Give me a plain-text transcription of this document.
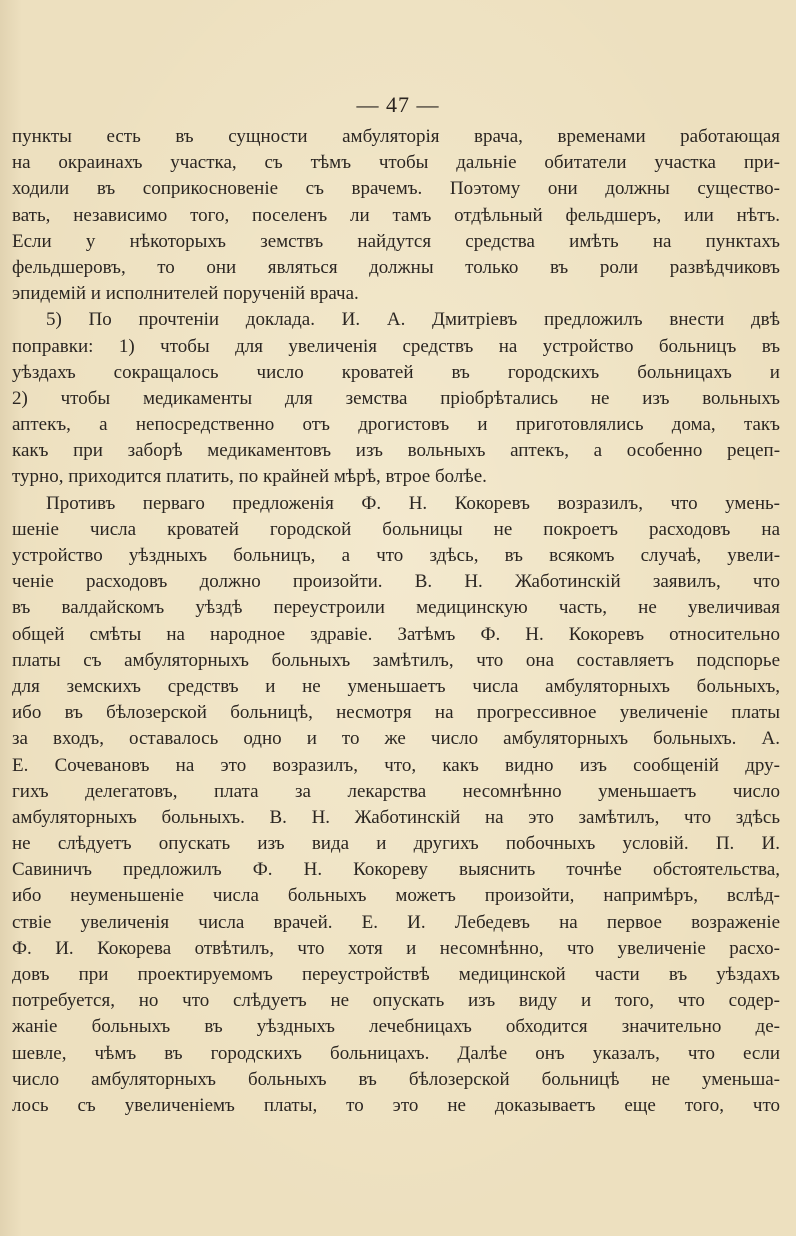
— 47 —
пункты есть въ сущности амбуляторія врача, временами работающая
на окраинахъ участка, съ тѣмъ чтобы дальніе обитатели участка при-
ходили въ соприкосновеніе съ врачемъ. Поэтому они должны существо-
вать, независимо того, поселенъ ли тамъ отдѣльный фельдшеръ, или нѣтъ.
Если у нѣкоторыхъ земствъ найдутся средства имѣть на пунктахъ
фельдшеровъ, то они являться должны только въ роли развѣдчиковъ
эпидемій и исполнителей порученій врача.
5) По прочтеніи доклада. И. А. Дмитріевъ предложилъ внести двѣ
поправки: 1) чтобы для увеличенія средствъ на устройство больницъ въ
уѣздахъ сокращалось число кроватей въ городскихъ больницахъ и
2) чтобы медикаменты для земства пріобрѣтались не изъ вольныхъ
аптекъ, а непосредственно отъ дрогистовъ и приготовлялись дома, такъ
какъ при заборѣ медикаментовъ изъ вольныхъ аптекъ, а особенно рецеп-
турно, приходится платить, по крайней мѣрѣ, втрое болѣе.
Противъ перваго предложенія Ф. Н. Кокоревъ возразилъ, что умень-
шеніе числа кроватей городской больницы не покроетъ расходовъ на
устройство уѣздныхъ больницъ, а что здѣсь, въ всякомъ случаѣ, увели-
ченіе расходовъ должно произойти. В. Н. Жаботинскій заявилъ, что
въ валдайскомъ уѣздѣ переустроили медицинскую часть, не увеличивая
общей смѣты на народное здравіе. Затѣмъ Ф. Н. Кокоревъ относительно
платы съ амбуляторныхъ больныхъ замѣтилъ, что она составляетъ подспорье
для земскихъ средствъ и не уменьшаетъ числа амбуляторныхъ больныхъ,
ибо въ бѣлозерской больницѣ, несмотря на прогрессивное увеличеніе платы
за входъ, оставалось одно и то же число амбуляторныхъ больныхъ. А.
Е. Сочевановъ на это возразилъ, что, какъ видно изъ сообщеній дру-
гихъ делегатовъ, плата за лекарства несомнѣнно уменьшаетъ число
амбуляторныхъ больныхъ. В. Н. Жаботинскій на это замѣтилъ, что здѣсь
не слѣдуетъ опускать изъ вида и другихъ побочныхъ условій. П. И.
Савиничъ предложилъ Ф. Н. Кокореву выяснить точнѣе обстоятельства,
ибо неуменьшеніе числа больныхъ можетъ произойти, напримѣръ, вслѣд-
ствіе увеличенія числа врачей. Е. И. Лебедевъ на первое возраженіе
Ф. И. Кокорева отвѣтилъ, что хотя и несомнѣнно, что увеличеніе расхо-
довъ при проектируемомъ переустройствѣ медицинской части въ уѣздахъ
потребуется, но что слѣдуетъ не опускать изъ виду и того, что содер-
жаніе больныхъ въ уѣздныхъ лечебницахъ обходится значительно де-
шевле, чѣмъ въ городскихъ больницахъ. Далѣе онъ указалъ, что если
число амбуляторныхъ больныхъ въ бѣлозерской больницѣ не уменьша-
лось съ увеличеніемъ платы, то это не доказываетъ еще того, что
